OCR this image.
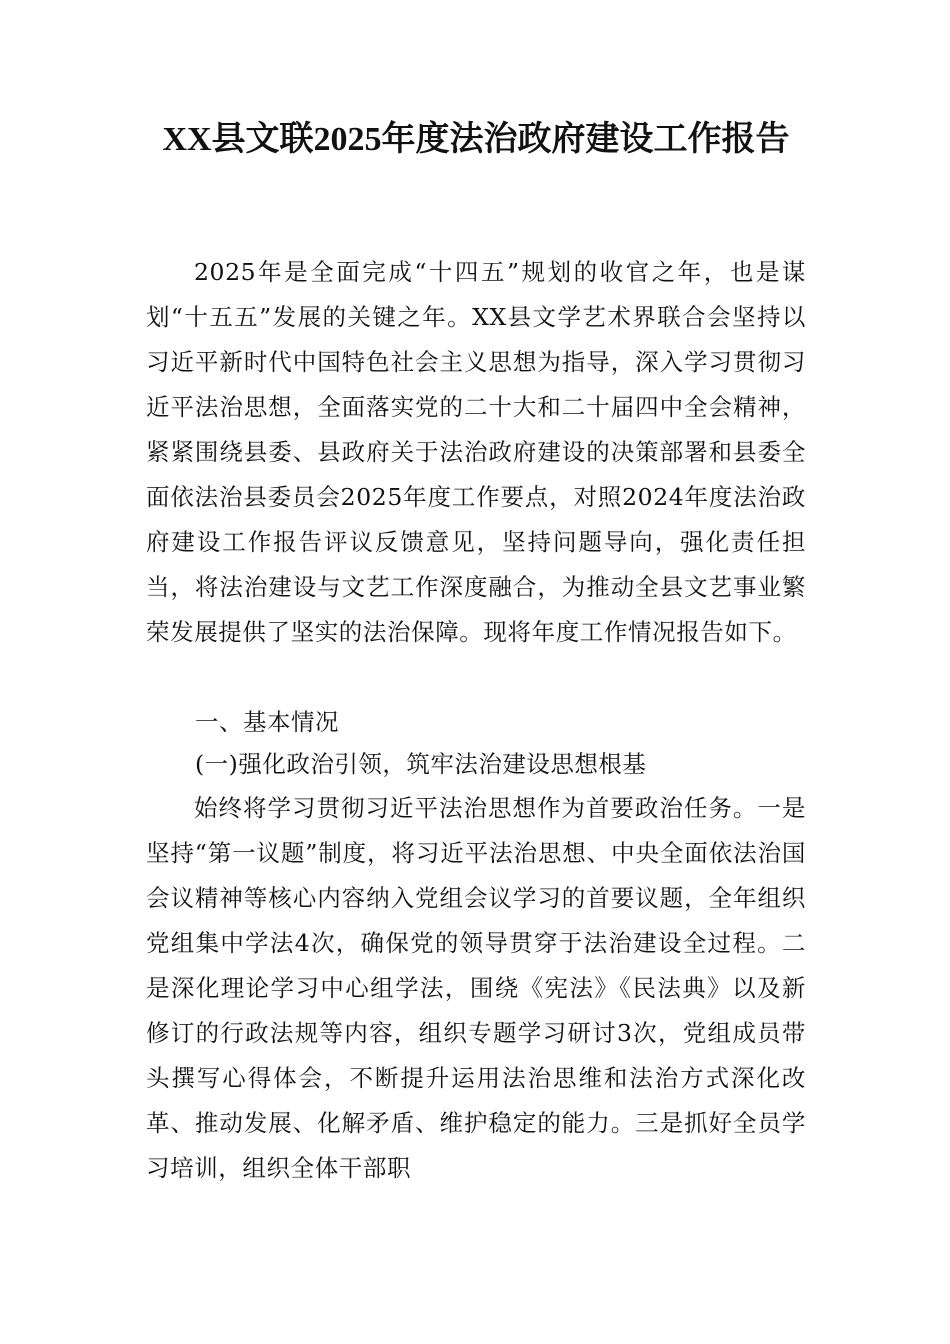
XX县文联2025年度法治政府建设工作报告

2025年是全面完成“十四五”规划的收官之年，也是谋划“十五五”发展的关键之年。XX县文学艺术界联合会坚持以习近平新时代中国特色社会主义思想为指导，深入学习贯彻习近平法治思想，全面落实党的二十大和二十届四中全会精神，紧紧围绕县委、县政府关于法治政府建设的决策部署和县委全面依法治县委员会2025年度工作要点，对照2024年度法治政府建设工作报告评议反馈意见，坚持问题导向，强化责任担当，将法治建设与文艺工作深度融合，为推动全县文艺事业繁荣发展提供了坚实的法治保障。现将年度工作情况报告如下。

一、基本情况
(一)强化政治引领，筑牢法治建设思想根基

始终将学习贯彻习近平法治思想作为首要政治任务。一是坚持“第一议题”制度，将习近平法治思想、中央全面依法治国会议精神等核心内容纳入党组会议学习的首要议题，全年组织党组集中学法4次，确保党的领导贯穿于法治建设全过程。二是深化理论学习中心组学法，围绕《宪法》《民法典》以及新修订的行政法规等内容，组织专题学习研讨3次，党组成员带头撰写心得体会，不断提升运用法治思维和法治方式深化改革、推动发展、化解矛盾、维护稳定的能力。三是抓好全员学习培训，组织全体干部职
